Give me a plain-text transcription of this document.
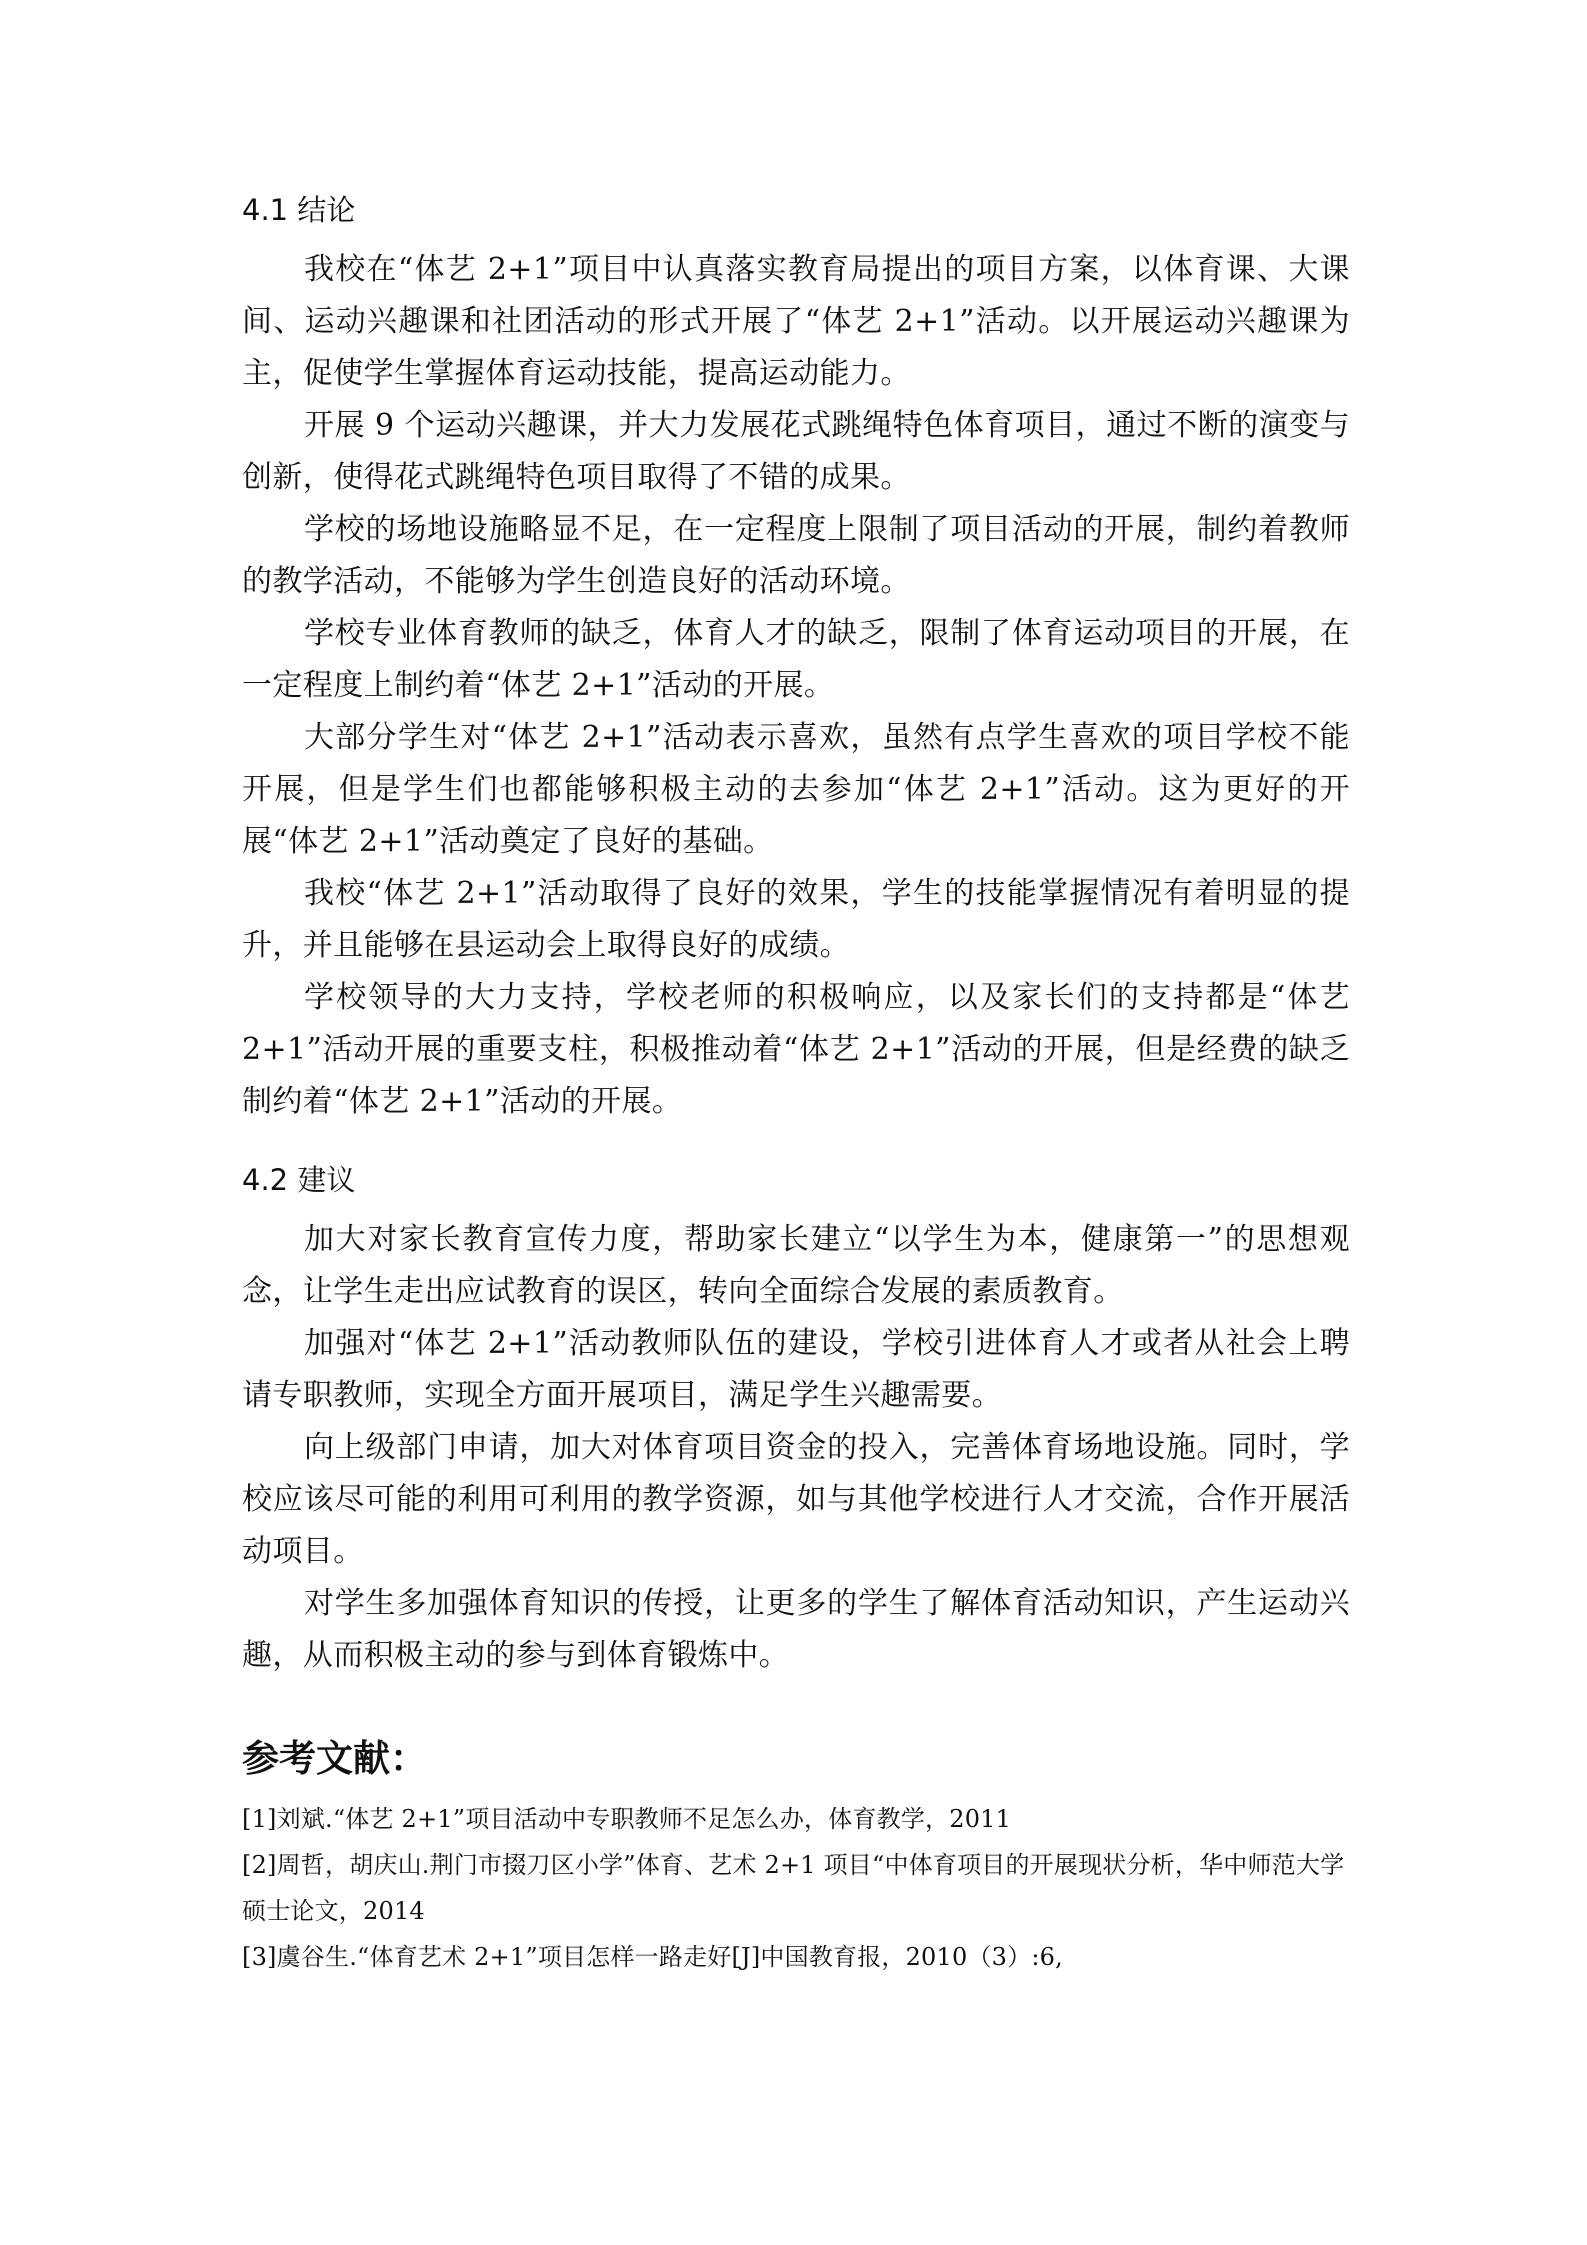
4.1 结论

我校在“体艺 2+1”项目中认真落实教育局提出的项目方案，以体育课、大课间、运动兴趣课和社团活动的形式开展了“体艺 2+1”活动。以开展运动兴趣课为主，促使学生掌握体育运动技能，提高运动能力。

开展 9 个运动兴趣课，并大力发展花式跳绳特色体育项目，通过不断的演变与创新，使得花式跳绳特色项目取得了不错的成果。

学校的场地设施略显不足，在一定程度上限制了项目活动的开展，制约着教师的教学活动，不能够为学生创造良好的活动环境。

学校专业体育教师的缺乏，体育人才的缺乏，限制了体育运动项目的开展，在一定程度上制约着“体艺 2+1”活动的开展。

大部分学生对“体艺 2+1”活动表示喜欢，虽然有点学生喜欢的项目学校不能开展，但是学生们也都能够积极主动的去参加“体艺 2+1”活动。这为更好的开展“体艺 2+1”活动奠定了良好的基础。

我校“体艺 2+1”活动取得了良好的效果，学生的技能掌握情况有着明显的提升，并且能够在县运动会上取得良好的成绩。

学校领导的大力支持，学校老师的积极响应，以及家长们的支持都是“体艺 2+1”活动开展的重要支柱，积极推动着“体艺 2+1”活动的开展，但是经费的缺乏制约着“体艺 2+1”活动的开展。

4.2 建议

加大对家长教育宣传力度，帮助家长建立“以学生为本，健康第一”的思想观念，让学生走出应试教育的误区，转向全面综合发展的素质教育。

加强对“体艺 2+1”活动教师队伍的建设，学校引进体育人才或者从社会上聘请专职教师，实现全方面开展项目，满足学生兴趣需要。

向上级部门申请，加大对体育项目资金的投入，完善体育场地设施。同时，学校应该尽可能的利用可利用的教学资源，如与其他学校进行人才交流，合作开展活动项目。

对学生多加强体育知识的传授，让更多的学生了解体育活动知识，产生运动兴趣，从而积极主动的参与到体育锻炼中。

参考文献：

[1]刘斌.“体艺 2+1”项目活动中专职教师不足怎么办，体育教学，2011

[2]周哲，胡庆山.荆门市掇刀区小学”体育、艺术 2+1 项目“中体育项目的开展现状分析，华中师范大学硕士论文，2014

[3]虞谷生.“体育艺术 2+1”项目怎样一路走好[J]中国教育报，2010（3）:6,
